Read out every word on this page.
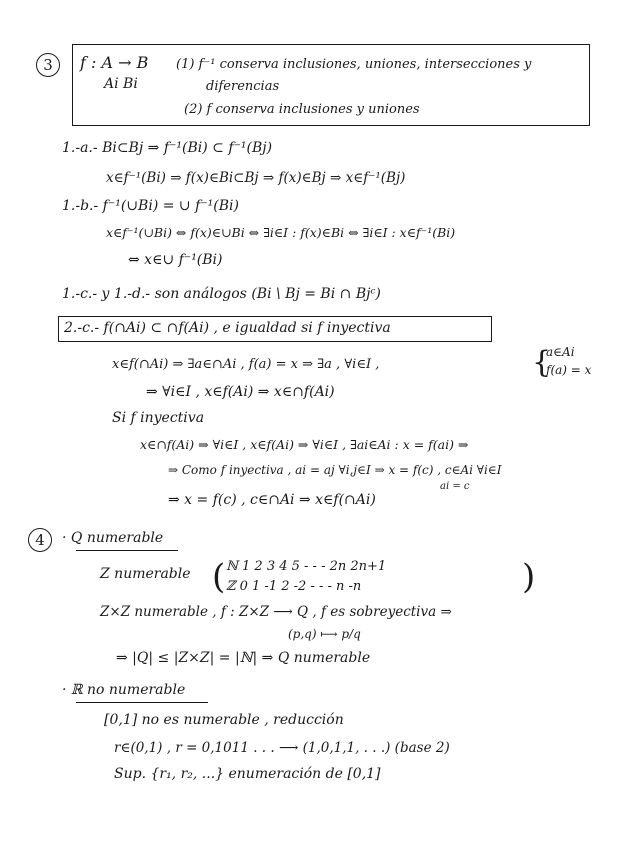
3	f : A → B
Ai Bi
(1) f⁻¹ conserva inclusiones, uniones, intersecciones y
diferencias
(2) f conserva inclusiones y uniones
1.-a.- Bi⊂Bj ⇒ f⁻¹(Bi) ⊂ f⁻¹(Bj)
x∈f⁻¹(Bi) ⇒ f(x)∈Bi⊂Bj ⇒ f(x)∈Bj ⇒ x∈f⁻¹(Bj)
1.-b.- f⁻¹(∪Bi) = ∪ f⁻¹(Bi)
x∈f⁻¹(∪Bi) ⇔ f(x)∈∪Bi ⇔ ∃i∈I : f(x)∈Bi ⇔ ∃i∈I : x∈f⁻¹(Bi)
⇔ x∈∪ f⁻¹(Bi)
1.-c.- y 1.-d.- son análogos (Bi \ Bj = Bi ∩ Bjᶜ)
2.-c.- f(∩Ai) ⊂ ∩f(Ai) , e igualdad si f inyectiva
x∈f(∩Ai) ⇒ ∃a∈∩Ai , f(a) = x ⇒ ∃a , ∀i∈I ,	{
a∈Ai
f(a) = x
⇒ ∀i∈I , x∈f(Ai) ⇒ x∈∩f(Ai)
Si f inyectiva
x∈∩f(Ai) ⇒ ∀i∈I , x∈f(Ai) ⇒ ∀i∈I , ∃ai∈Ai : x = f(ai) ⇒
⇒ Como f inyectiva , ai = aj ∀i,j∈I ⇒ x = f(c) , c∈Ai ∀i∈I
ai = c
⇒ x = f(c) , c∈∩Ai ⇒ x∈f(∩Ai)
4	· Q numerable
Z numerable ( ℕ 1 2 3 4 5 - - - 2n 2n+1
ℤ 0 1 -1 2 -2 - - - n -n	)
Z×Z numerable , f : Z×Z ⟶ Q , f es sobreyectiva ⇒
(p,q) ⟼ p/q
⇒ |Q| ≤ |Z×Z| = |ℕ| ⇒ Q numerable
· ℝ no numerable
[0,1] no es numerable , reducción
r∈(0,1) , r = 0,1011 . . . ⟶ (1,0,1,1, . . .) (base 2)
Sup. {r₁, r₂, ...} enumeración de [0,1]
